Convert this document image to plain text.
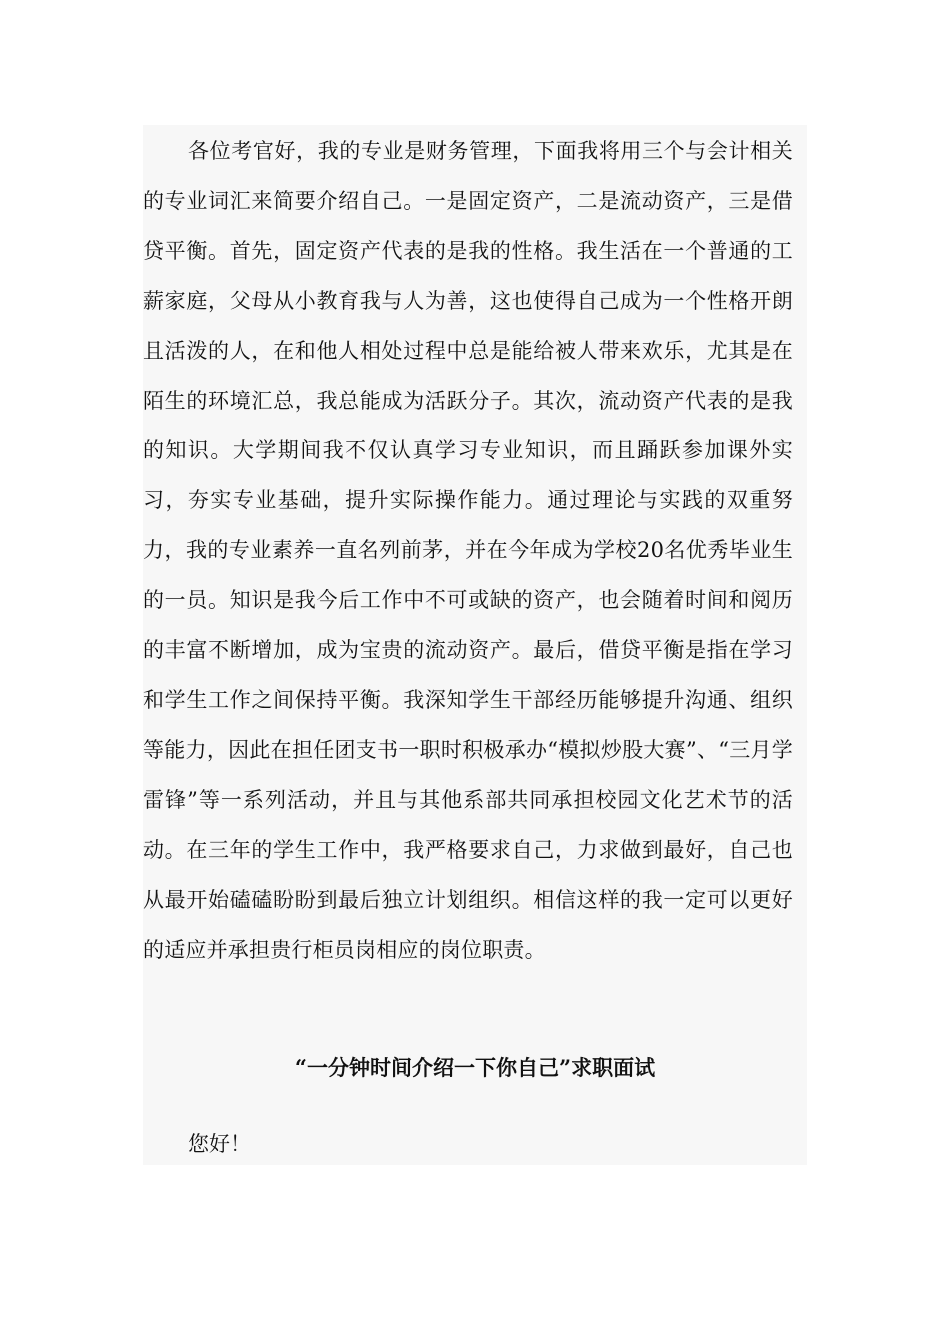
各位考官好，我的专业是财务管理，下面我将用三个与会计相关的专业词汇来简要介绍自己。一是固定资产，二是流动资产，三是借贷平衡。首先，固定资产代表的是我的性格。我生活在一个普通的工薪家庭，父母从小教育我与人为善，这也使得自己成为一个性格开朗且活泼的人，在和他人相处过程中总是能给被人带来欢乐，尤其是在陌生的环境汇总，我总能成为活跃分子。其次，流动资产代表的是我的知识。大学期间我不仅认真学习专业知识，而且踊跃参加课外实习，夯实专业基础，提升实际操作能力。通过理论与实践的双重努力，我的专业素养一直名列前茅，并在今年成为学校20名优秀毕业生的一员。知识是我今后工作中不可或缺的资产，也会随着时间和阅历的丰富不断增加，成为宝贵的流动资产。最后，借贷平衡是指在学习和学生工作之间保持平衡。我深知学生干部经历能够提升沟通、组织等能力，因此在担任团支书一职时积极承办“模拟炒股大赛”、“三月学雷锋”等一系列活动，并且与其他系部共同承担校园文化艺术节的活动。在三年的学生工作中，我严格要求自己，力求做到最好，自己也从最开始磕磕盼盼到最后独立计划组织。相信这样的我一定可以更好的适应并承担贵行柜员岗相应的岗位职责。

“一分钟时间介绍一下你自己”求职面试

您好！
